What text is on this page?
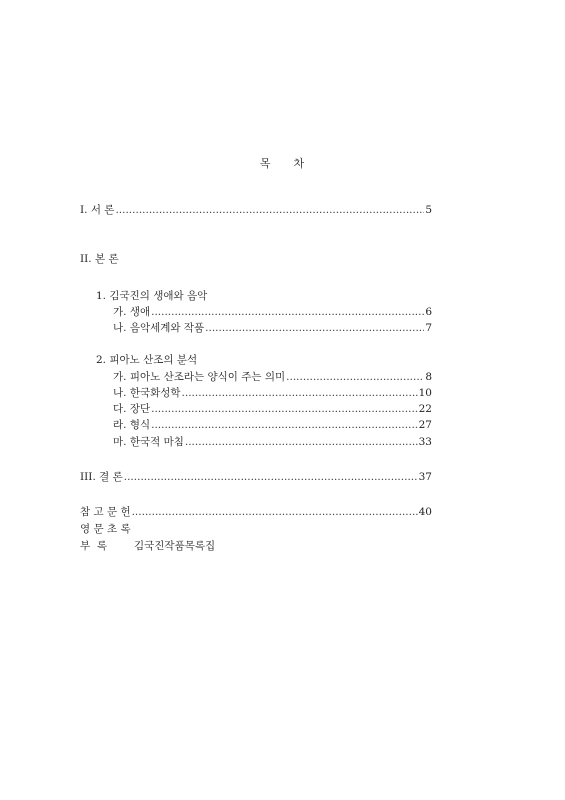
목 차
I. 서 론 .....	5
II. 본 론
1. 김국진의 생애와 음악
가. 생애 .....	6
나. 음악세계와 작품 .....	7
2. 피아노 산조의 분석
가. 피아노 산조라는 양식이 주는 의미 .....	8
나. 한국화성학 .....	10
다. 장단 .....	22
라. 형식 .....	27
마. 한국적 마침 .....	33
III. 결 론 .....	37
참 고 문 헌 .....	40
영 문 초 록
부  록	김국진작품목록집
